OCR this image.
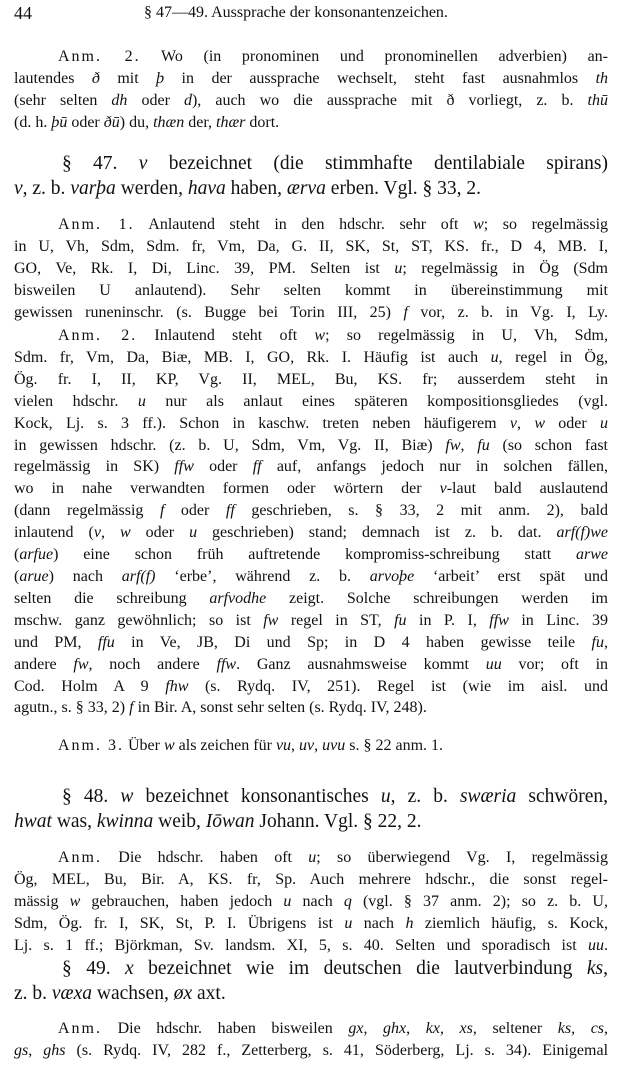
44	§ 47—49. Aussprache der konsonantenzeichen.
Anm. 2. Wo (in pronominen und pronominellen adverbien) an-
lautendes ð mit þ in der aussprache wechselt, steht fast ausnahmlos th
(sehr selten dh oder d), auch wo die aussprache mit ð vorliegt, z. b. thū
(d. h. þū oder ðū) du, thæn der, thær dort.
§ 47. v bezeichnet (die stimmhafte dentilabiale spirans)
v, z. b. varþa werden, hava haben, ærva erben. Vgl. § 33, 2.
Anm. 1. Anlautend steht in den hdschr. sehr oft w; so regelmässig
in U, Vh, Sdm, Sdm. fr, Vm, Da, G. II, SK, St, ST, KS. fr., D 4, MB. I,
GO, Ve, Rk. I, Di, Linc. 39, PM. Selten ist u; regelmässig in Ög (Sdm
bisweilen U anlautend). Sehr selten kommt in übereinstimmung mit
gewissen runeninschr. (s. Bugge bei Torin III, 25) f vor, z. b. in Vg. I, Ly.
Anm. 2. Inlautend steht oft w; so regelmässig in U, Vh, Sdm,
Sdm. fr, Vm, Da, Biæ, MB. I, GO, Rk. I. Häufig ist auch u, regel in Ög,
Ög. fr. I, II, KP, Vg. II, MEL, Bu, KS. fr; ausserdem steht in
vielen hdschr. u nur als anlaut eines späteren kompositionsgliedes (vgl.
Kock, Lj. s. 3 ff.). Schon in kaschw. treten neben häufigerem v, w oder u
in gewissen hdschr. (z. b. U, Sdm, Vm, Vg. II, Biæ) fw, fu (so schon fast
regelmässig in SK) ffw oder ff auf, anfangs jedoch nur in solchen fällen,
wo in nahe verwandten formen oder wörtern der v-laut bald auslautend
(dann regelmässig f oder ff geschrieben, s. § 33, 2 mit anm. 2), bald
inlautend (v, w oder u geschrieben) stand; demnach ist z. b. dat. arf(f)we
(arfue) eine schon früh auftretende kompromiss-schreibung statt arwe
(arue) nach arf(f) ‘erbe’, während z. b. arvoþe ‘arbeit’ erst spät und
selten die schreibung arfvodhe zeigt. Solche schreibungen werden im
mschw. ganz gewöhnlich; so ist fw regel in ST, fu in P. I, ffw in Linc. 39
und PM, ffu in Ve, JB, Di und Sp; in D 4 haben gewisse teile fu,
andere fw, noch andere ffw. Ganz ausnahmsweise kommt uu vor; oft in
Cod. Holm A 9 fhw (s. Rydq. IV, 251). Regel ist (wie im aisl. und
agutn., s. § 33, 2) f in Bir. A, sonst sehr selten (s. Rydq. IV, 248).
Anm. 3. Über w als zeichen für vu, uv, uvu s. § 22 anm. 1.
§ 48. w bezeichnet konsonantisches u, z. b. swæria schwören,
hwat was, kwinna weib, Iōwan Johann. Vgl. § 22, 2.
Anm. Die hdschr. haben oft u; so überwiegend Vg. I, regelmässig
Ög, MEL, Bu, Bir. A, KS. fr, Sp. Auch mehrere hdschr., die sonst regel-
mässig w gebrauchen, haben jedoch u nach q (vgl. § 37 anm. 2); so z. b. U,
Sdm, Ög. fr. I, SK, St, P. I. Übrigens ist u nach h ziemlich häufig, s. Kock,
Lj. s. 1 ff.; Björkman, Sv. landsm. XI, 5, s. 40. Selten und sporadisch ist uu.
§ 49. x bezeichnet wie im deutschen die lautverbindung ks,
z. b. væxa wachsen, øx axt.
Anm. Die hdschr. haben bisweilen gx, ghx, kx, xs, seltener ks, cs,
gs, ghs (s. Rydq. IV, 282 f., Zetterberg, s. 41, Söderberg, Lj. s. 34). Einigemal
